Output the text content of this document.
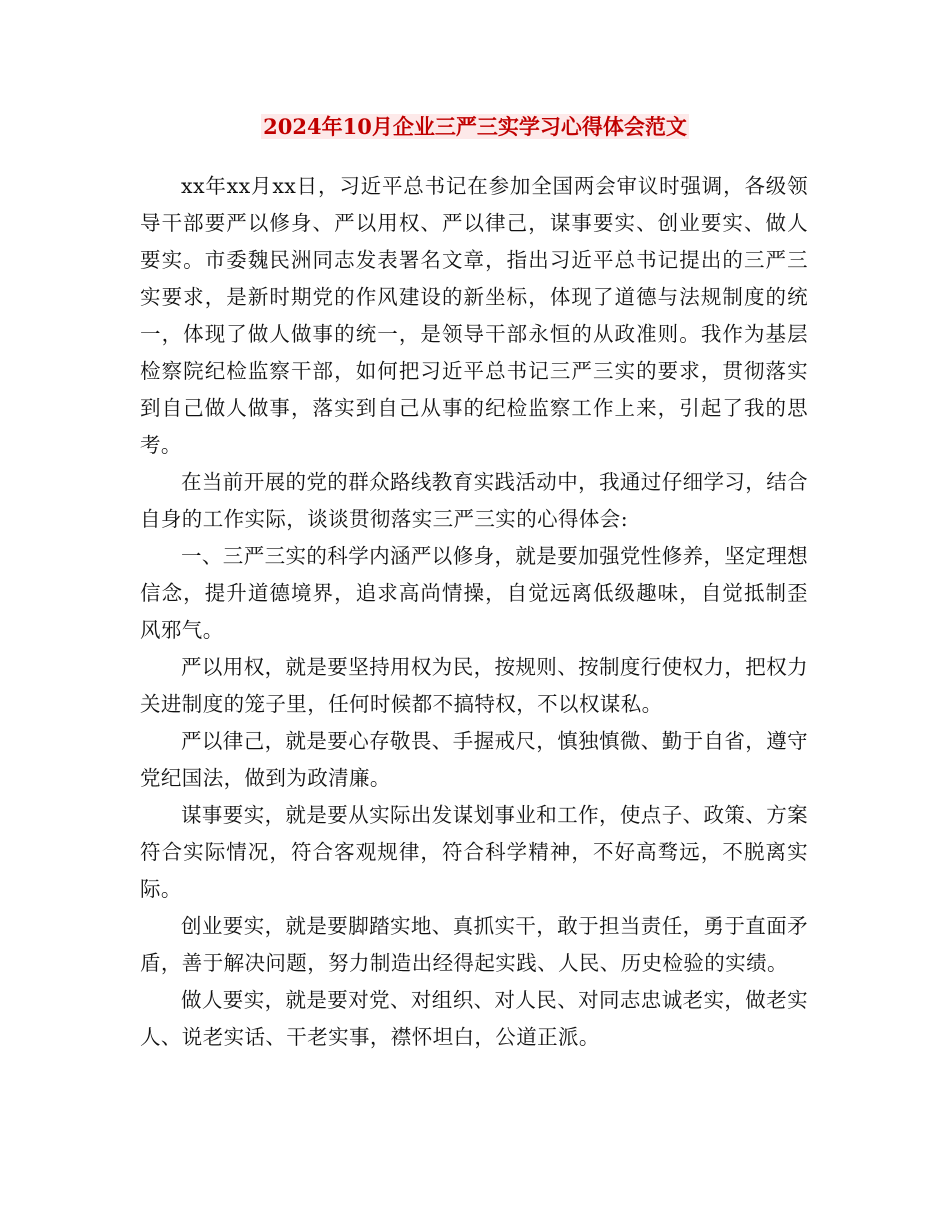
2024年10月企业三严三实学习心得体会范文

xx年xx月xx日，习近平总书记在参加全国两会审议时强调，各级领导干部要严以修身、严以用权、严以律己，谋事要实、创业要实、做人要实。市委魏民洲同志发表署名文章，指出习近平总书记提出的三严三实要求，是新时期党的作风建设的新坐标，体现了道德与法规制度的统一，体现了做人做事的统一，是领导干部永恒的从政准则。我作为基层检察院纪检监察干部，如何把习近平总书记三严三实的要求，贯彻落实到自己做人做事，落实到自己从事的纪检监察工作上来，引起了我的思考。

在当前开展的党的群众路线教育实践活动中，我通过仔细学习，结合自身的工作实际，谈谈贯彻落实三严三实的心得体会:

一、三严三实的科学内涵严以修身，就是要加强党性修养，坚定理想信念，提升道德境界，追求高尚情操，自觉远离低级趣味，自觉抵制歪风邪气。

严以用权，就是要坚持用权为民，按规则、按制度行使权力，把权力关进制度的笼子里，任何时候都不搞特权，不以权谋私。

严以律己，就是要心存敬畏、手握戒尺，慎独慎微、勤于自省，遵守党纪国法，做到为政清廉。

谋事要实，就是要从实际出发谋划事业和工作，使点子、政策、方案符合实际情况，符合客观规律，符合科学精神，不好高骛远，不脱离实际。

创业要实，就是要脚踏实地、真抓实干，敢于担当责任，勇于直面矛盾，善于解决问题，努力制造出经得起实践、人民、历史检验的实绩。

做人要实，就是要对党、对组织、对人民、对同志忠诚老实，做老实人、说老实话、干老实事，襟怀坦白，公道正派。
